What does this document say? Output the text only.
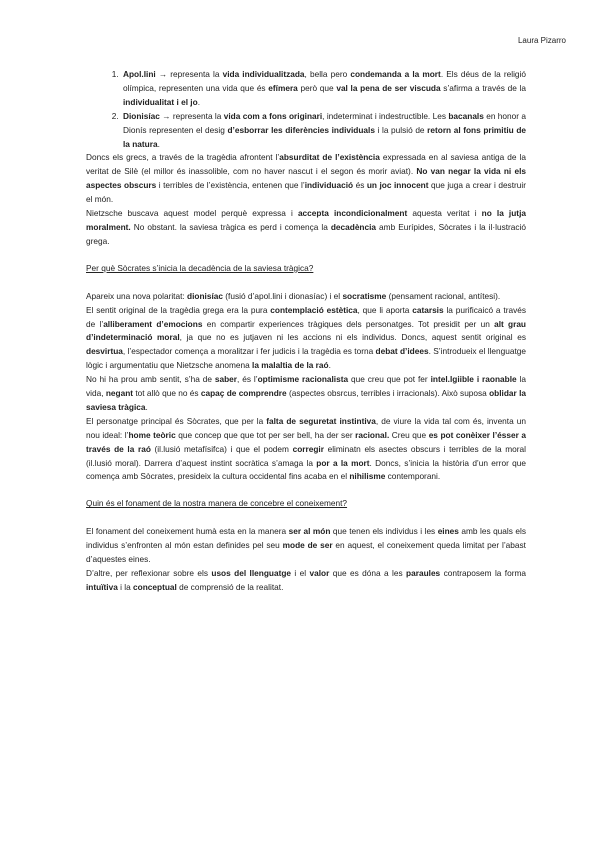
Laura Pizarro
1. Apol.lini → representa la vida individualitzada, bella pero condemanda a la mort. Els déus de la religió olímpica, representen una vida que és efímera però que val la pena de ser viscuda s’afirma a través de la individualitat i el jo.
2. Dionisíac → representa la vida com a fons originari, indeterminat i indestructible. Les bacanals en honor a Dionís representen el desig d’esborrar les diferències individuals i la pulsió de retorn al fons primitiu de la natura.

Doncs els grecs, a través de la tragèdia afrontent l’absurditat de l’existència expressada en al saviesa antiga de la veritat de Silè (el millor és inassolible, com no haver nascut i el segon és morir aviat). No van negar la vida ni els aspectes obscurs i terribles de l’existència, entenen que l’individuació és un joc innocent que juga a crear i destruir el món.

Nietzsche buscava aquest model perquè expressa i accepta incondicionalment aquesta veritat i no la jutja moralment. No obstant. la saviesa tràgica es perd i comença la decadència amb Eurípides, Sòcrates i la il·lustració grega.

Per què Sòcrates s’inicia la decadència de la saviesa tràgica?

Apareix una nova polaritat: dionisíac (fusió d’apol.lini i dionasíac) i el socratisme (pensament racional, antítesi).

El sentit original de la tragèdia grega era la pura contemplació estètica, que li aporta catarsis la purificaicó a través de l’alliberament d’emocions en compartir experiences tràgiques dels personatges. Tot presidit per un alt grau d’indeterminació moral, ja que no es jutjaven ni les accions ni els individus. Doncs, aquest sentit original es desvirtua, l’espectador comença a moralitzar i fer judicis i la tragèdia es torna debat d’idees. S’introdueix el llenguatge lògic i argumentatiu que Nietzsche anomena la malaltia de la raó.

No hi ha prou amb sentit, s’ha de saber, és l’optimisme racionalista que creu que pot fer intel.lgiible i raonable la vida, negant tot allò que no és capaç de comprendre (aspectes obsrcus, terribles i irracionals). Això suposa oblidar la saviesa tràgica.

El personatge principal és Sòcrates, que per la falta de seguretat instintiva, de viure la vida tal com és, inventa un nou ideal: l’home teòric que concep que que tot per ser bell, ha der ser racional. Creu que es pot conèixer l’ésser a través de la raó (il.lusió metafísifca) i que el podem corregir eliminatn els asectes obscurs i terribles de la moral (il.lusió moral). Darrera d’aquest instint socràtica s’amaga la por a la mort. Doncs, s’inicia la història d’un error que comença amb Sòcrates, presideix la cultura occidental fins acaba en el nihilisme contemporani.

Quin és el fonament de la nostra manera de concebre el coneixement?

El fonament del coneixement humà esta en la manera ser al món que tenen els individus i les eines amb les quals els individus s’enfronten al món estan definides pel seu mode de ser en aquest, el coneixement queda limitat per l’abast d’aquestes eines.

D’altre, per reflexionar sobre els usos del llenguatge i el valor que es dóna a les paraules contraposem la forma intuïtiva i la conceptual de comprensió de la realitat.
